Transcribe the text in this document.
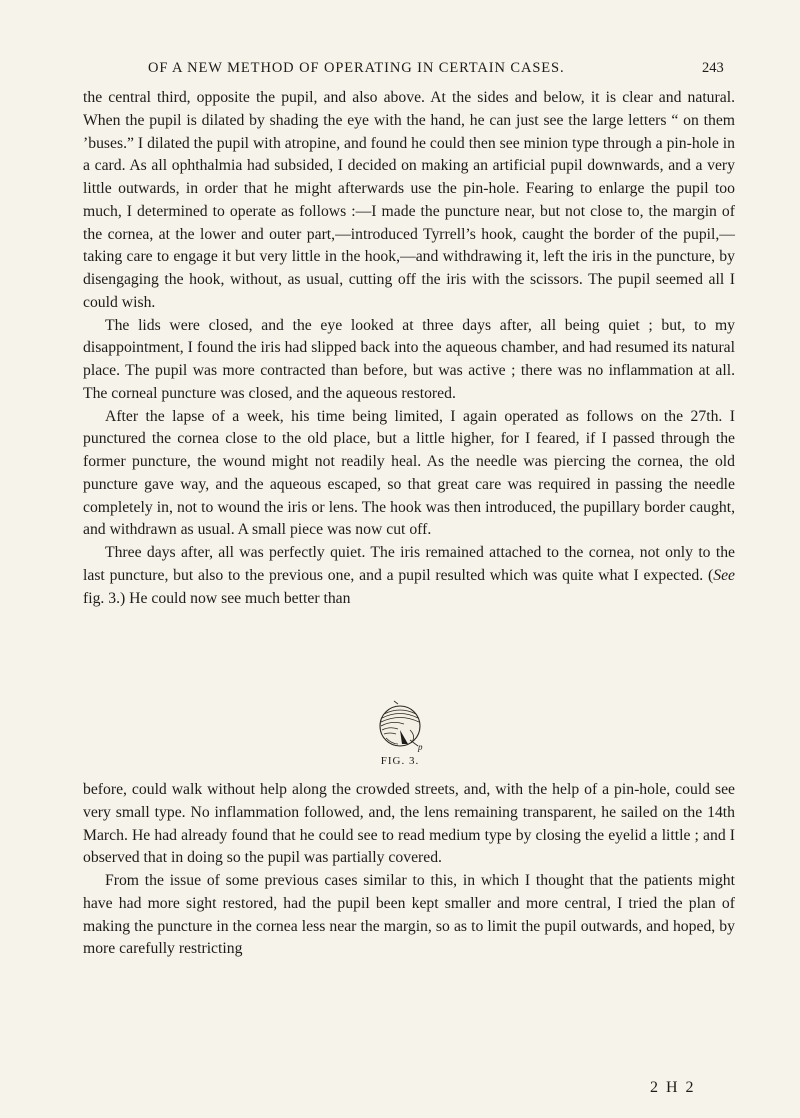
OF A NEW METHOD OF OPERATING IN CERTAIN CASES.	243

the central third, opposite the pupil, and also above. At the sides and below, it is clear and natural. When the pupil is dilated by shading the eye with the hand, he can just see the large letters “ on them ’buses.” I dilated the pupil with atropine, and found he could then see minion type through a pin-hole in a card. As all ophthalmia had subsided, I decided on making an artificial pupil downwards, and a very little outwards, in order that he might afterwards use the pin-hole. Fearing to enlarge the pupil too much, I determined to operate as follows :—I made the puncture near, but not close to, the margin of the cornea, at the lower and outer part,—introduced Tyrrell’s hook, caught the border of the pupil,—taking care to engage it but very little in the hook,—and withdrawing it, left the iris in the puncture, by disengaging the hook, without, as usual, cutting off the iris with the scissors. The pupil seemed all I could wish.

The lids were closed, and the eye looked at three days after, all being quiet ; but, to my disappointment, I found the iris had slipped back into the aqueous chamber, and had resumed its natural place. The pupil was more contracted than before, but was active ; there was no inflammation at all. The corneal puncture was closed, and the aqueous restored.

After the lapse of a week, his time being limited, I again operated as follows on the 27th. I punctured the cornea close to the old place, but a little higher, for I feared, if I passed through the former puncture, the wound might not readily heal. As the needle was piercing the cornea, the old puncture gave way, and the aqueous escaped, so that great care was required in passing the needle completely in, not to wound the iris or lens. The hook was then introduced, the pupillary border caught, and withdrawn as usual. A small piece was now cut off.

Three days after, all was perfectly quiet. The iris remained attached to the cornea, not only to the last puncture, but also to the previous one, and a pupil resulted which was quite what I expected. (See fig. 3.) He could now see much better than

p
FIG. 3.

before, could walk without help along the crowded streets, and, with the help of a pin-hole, could see very small type. No inflammation followed, and, the lens remaining transparent, he sailed on the 14th March. He had already found that he could see to read medium type by closing the eyelid a little ; and I observed that in doing so the pupil was partially covered.

From the issue of some previous cases similar to this, in which I thought that the patients might have had more sight restored, had the pupil been kept smaller and more central, I tried the plan of making the puncture in the cornea less near the margin, so as to limit the pupil outwards, and hoped, by more carefully restricting

2 H 2
